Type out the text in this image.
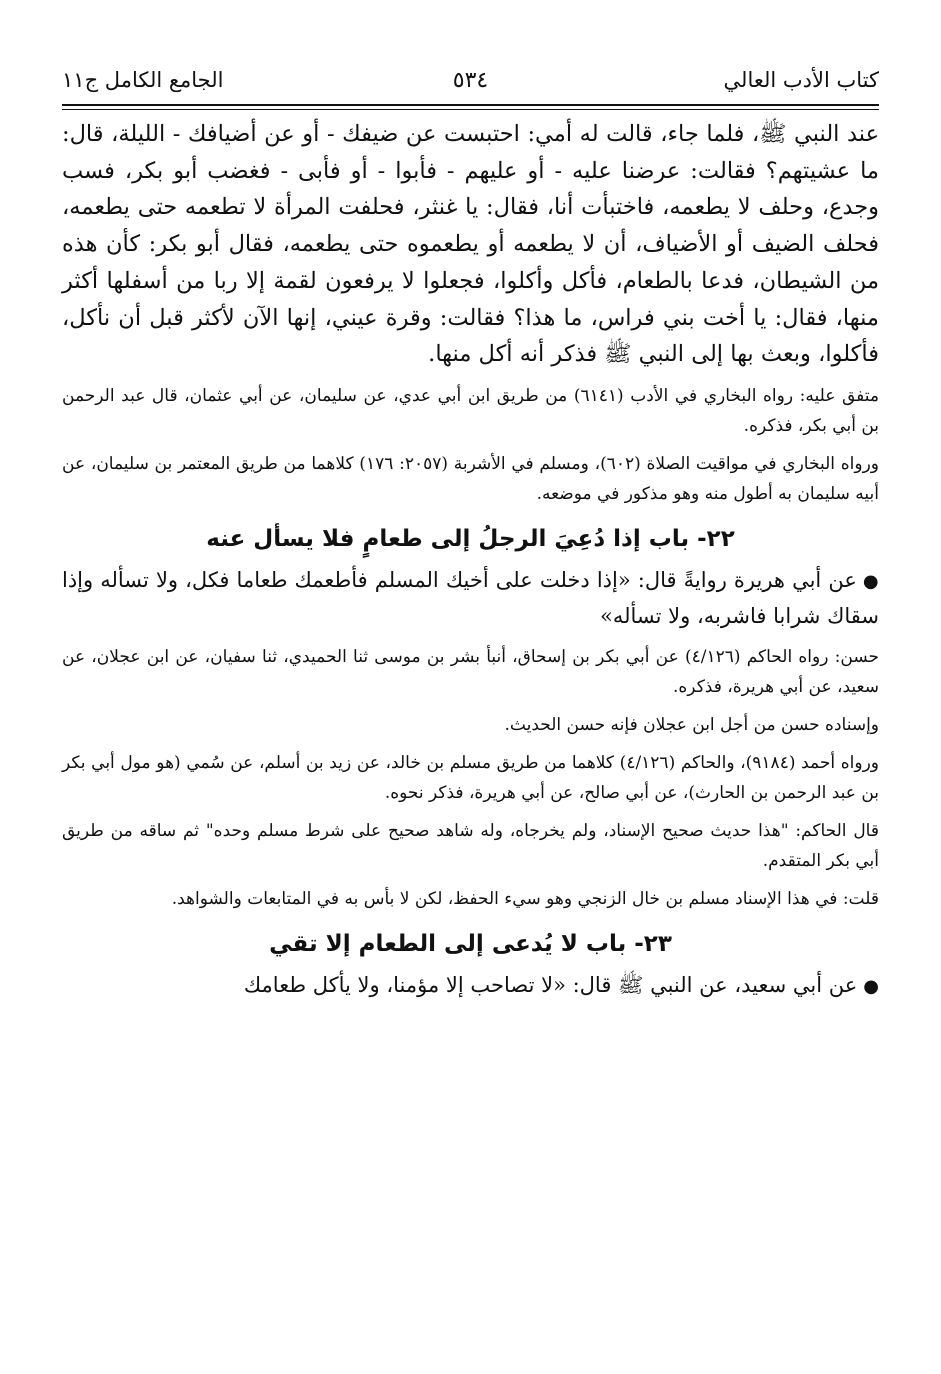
كتاب الأدب العالي
٥٣٤
الجامع الكامل ج١١

عند النبي ﷺ، فلما جاء، قالت له أمي: احتبست عن ضيفك - أو عن أضيافك - الليلة، قال: ما عشيتهم؟ فقالت: عرضنا عليه - أو عليهم - فأبوا - أو فأبى - فغضب أبو بكر، فسب وجدع، وحلف لا يطعمه، فاختبأت أنا، فقال: يا غنثر، فحلفت المرأة لا تطعمه حتى يطعمه، فحلف الضيف أو الأضياف، أن لا يطعمه أو يطعموه حتى يطعمه، فقال أبو بكر: كأن هذه من الشيطان، فدعا بالطعام، فأكل وأكلوا، فجعلوا لا يرفعون لقمة إلا ربا من أسفلها أكثر منها، فقال: يا أخت بني فراس، ما هذا؟ فقالت: وقرة عيني، إنها الآن لأكثر قبل أن نأكل، فأكلوا، وبعث بها إلى النبي ﷺ فذكر أنه أكل منها.

متفق عليه: رواه البخاري في الأدب (٦١٤١) من طريق ابن أبي عدي، عن سليمان، عن أبي عثمان، قال عبد الرحمن بن أبي بكر، فذكره.

ورواه البخاري في مواقيت الصلاة (٦٠٢)، ومسلم في الأشربة (٢٠٥٧: ١٧٦) كلاهما من طريق المعتمر بن سليمان، عن أبيه سليمان به أطول منه وهو مذكور في موضعه.

٢٢- باب إذا دُعِيَ الرجلُ إلى طعامٍ فلا يسأل عنه

●عن أبي هريرة روايةً قال: «إذا دخلت على أخيك المسلم فأطعمك طعاما فكل، ولا تسأله وإذا سقاك شرابا فاشربه، ولا تسأله»

حسن: رواه الحاكم (٤/١٢٦) عن أبي بكر بن إسحاق، أنبأ بشر بن موسى ثنا الحميدي، ثنا سفيان، عن ابن عجلان، عن سعيد، عن أبي هريرة، فذكره.

وإسناده حسن من أجل ابن عجلان فإنه حسن الحديث.

ورواه أحمد (٩١٨٤)، والحاكم (٤/١٢٦) كلاهما من طريق مسلم بن خالد، عن زيد بن أسلم، عن سُمي (هو مول أبي بكر بن عبد الرحمن بن الحارث)، عن أبي صالح، عن أبي هريرة، فذكر نحوه.

قال الحاكم: "هذا حديث صحيح الإسناد، ولم يخرجاه، وله شاهد صحيح على شرط مسلم وحده" ثم ساقه من طريق أبي بكر المتقدم.

قلت: في هذا الإسناد مسلم بن خال الزنجي وهو سيء الحفظ، لكن لا بأس به في المتابعات والشواهد.

٢٣- باب لا يُدعى إلى الطعام إلا تقي

●عن أبي سعيد، عن النبي ﷺ قال: «لا تصاحب إلا مؤمنا، ولا يأكل طعامك
